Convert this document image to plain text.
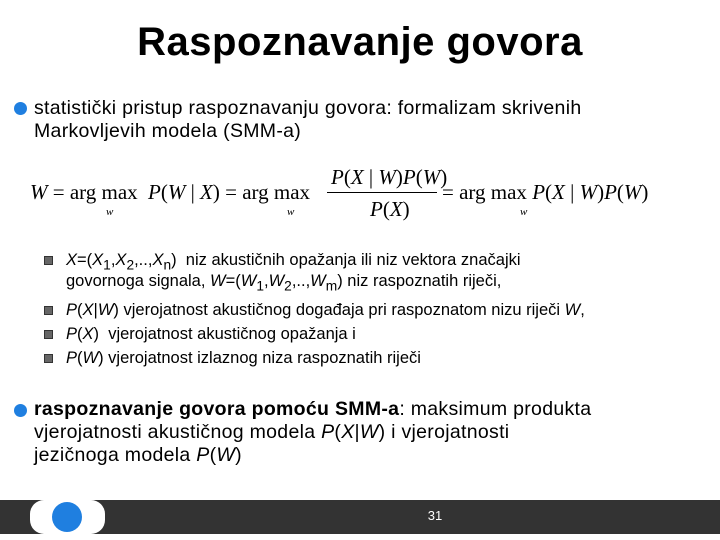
Raspoznavanje govora
statistički pristup raspoznavanju govora: formalizam skrivenih
Markovljevih modela (SMM-a)
W = arg max
w
P(W | X) = arg max
w
P(X | W)P(W)
P(X)
= arg max P(X | W)P(W)
w
$X=(X_1,X_2,..,X_n)$  niz akustičnih opažanja ili niz vektora značajki
govornoga signala, $W=(W_1,W_2,..,W_m)$ niz raspoznatih riječi,
P(X|W) vjerojatnost akustičnog događaja pri raspoznatom nizu riječi W,
P(X)  vjerojatnost akustičnog opažanja i
P(W) vjerojatnost izlaznog niza raspoznatih riječi
raspoznavanje govora pomoću SMM-a: maksimum produkta
vjerojatnosti akustičnog modela P(X|W) i vjerojatnosti
jezičnoga modela P(W)
31
